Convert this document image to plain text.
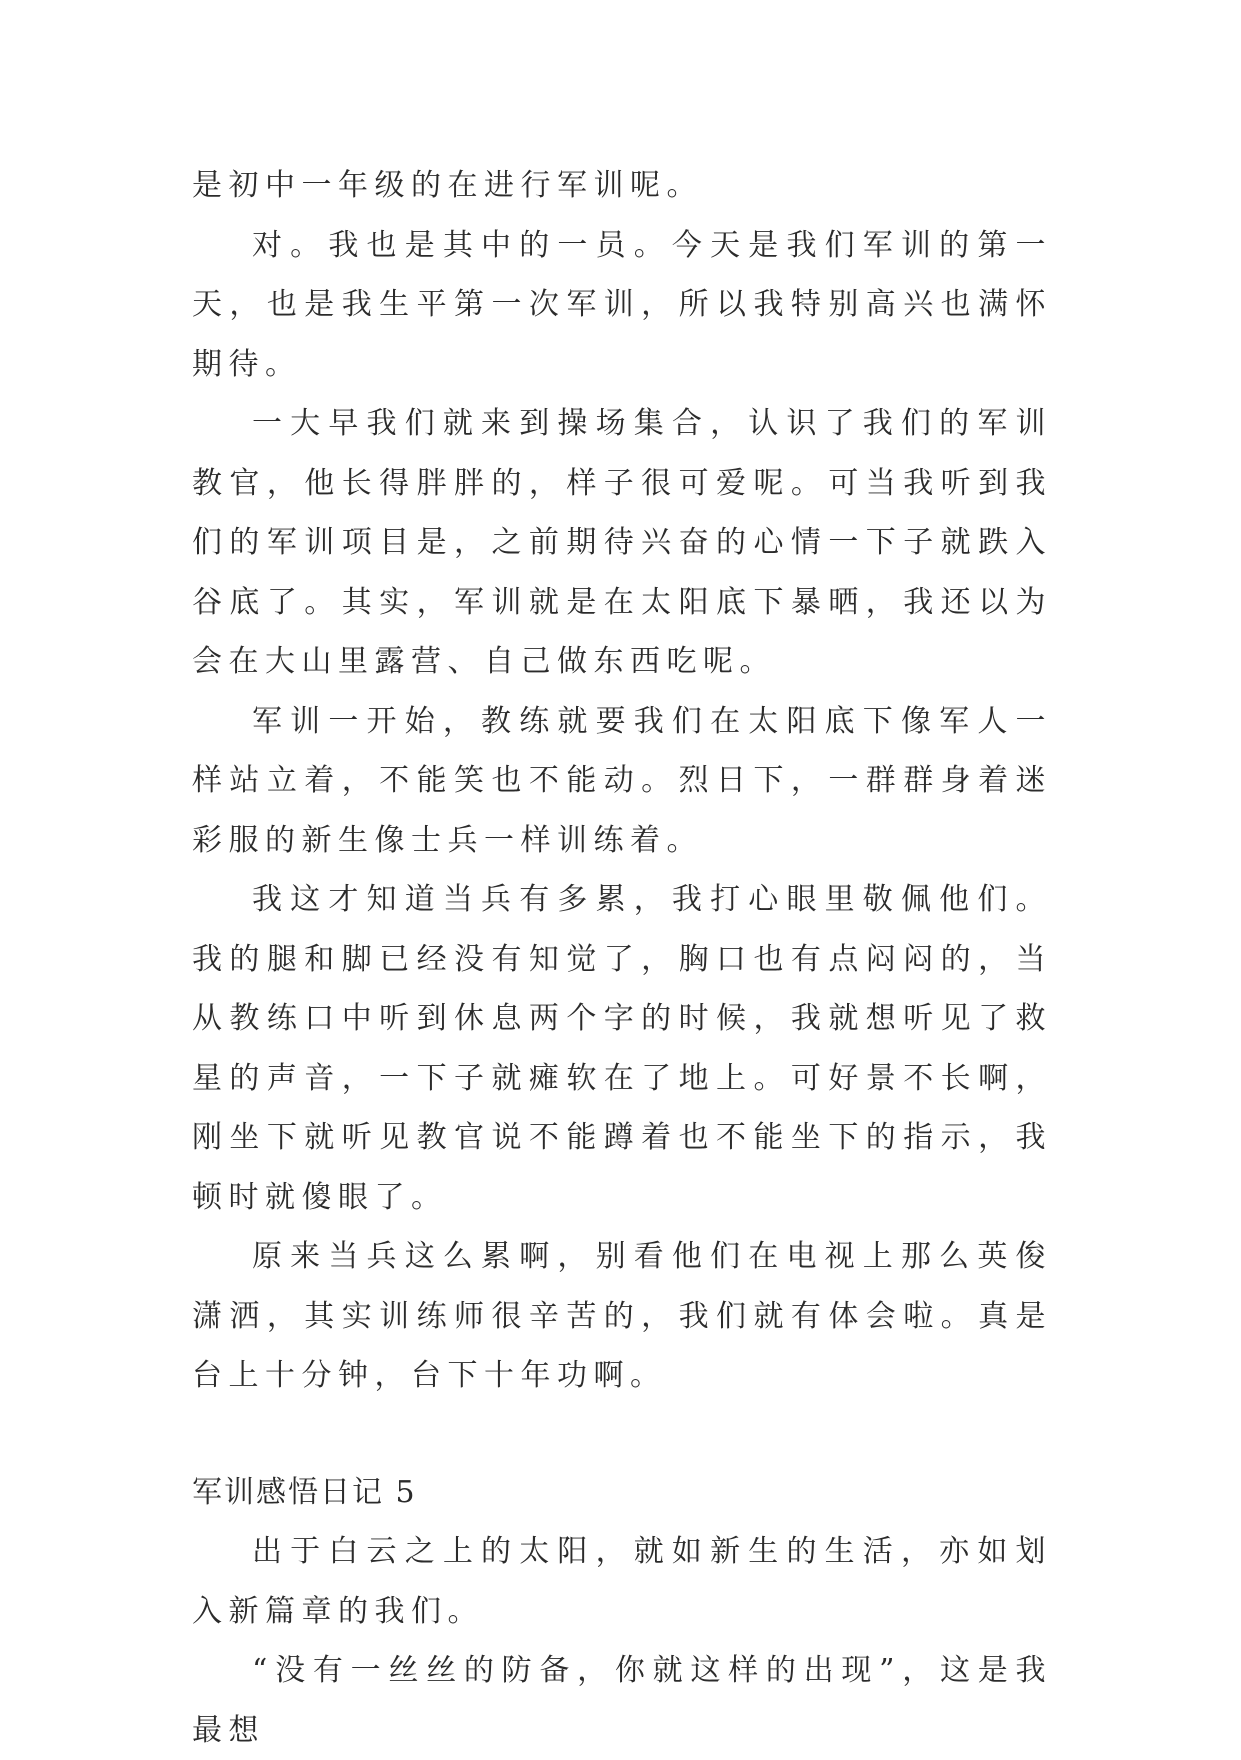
是初中一年级的在进行军训呢。

对。我也是其中的一员。今天是我们军训的第一天，也是我生平第一次军训，所以我特别高兴也满怀期待。

一大早我们就来到操场集合，认识了我们的军训教官，他长得胖胖的，样子很可爱呢。可当我听到我们的军训项目是，之前期待兴奋的心情一下子就跌入谷底了。其实，军训就是在太阳底下暴晒，我还以为会在大山里露营、自己做东西吃呢。

军训一开始，教练就要我们在太阳底下像军人一样站立着，不能笑也不能动。烈日下，一群群身着迷彩服的新生像士兵一样训练着。

我这才知道当兵有多累，我打心眼里敬佩他们。我的腿和脚已经没有知觉了，胸口也有点闷闷的，当从教练口中听到休息两个字的时候，我就想听见了救星的声音，一下子就瘫软在了地上。可好景不长啊，刚坐下就听见教官说不能蹲着也不能坐下的指示，我顿时就傻眼了。

原来当兵这么累啊，别看他们在电视上那么英俊潇洒，其实训练师很辛苦的，我们就有体会啦。真是台上十分钟，台下十年功啊。

军训感悟日记 5

出于白云之上的太阳，就如新生的生活，亦如划入新篇章的我们。

“没有一丝丝的防备，你就这样的出现”，这是我最想
